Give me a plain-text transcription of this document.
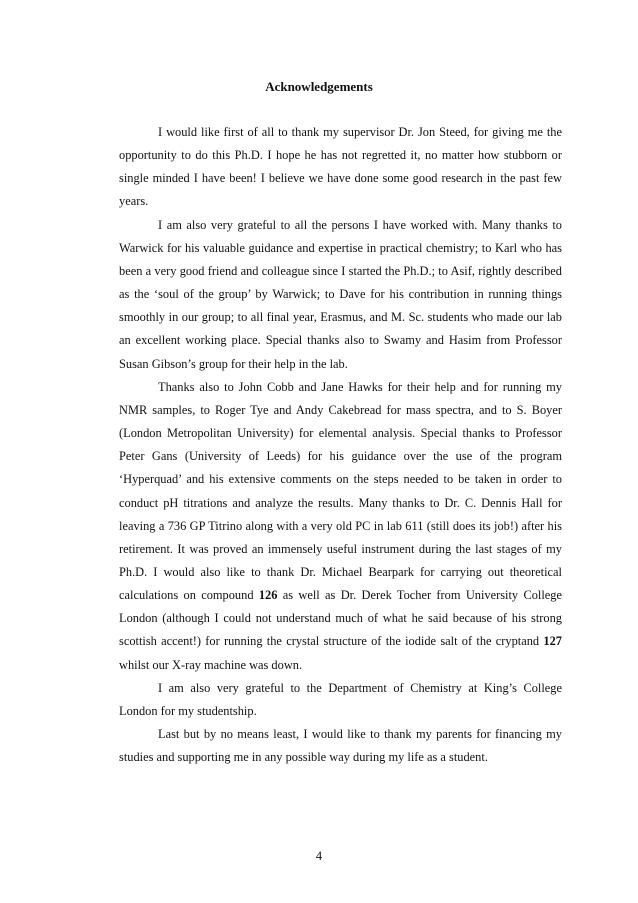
Acknowledgements

I would like first of all to thank my supervisor Dr. Jon Steed, for giving me the opportunity to do this Ph.D. I hope he has not regretted it, no matter how stubborn or single minded I have been! I believe we have done some good research in the past few years.

I am also very grateful to all the persons I have worked with. Many thanks to Warwick for his valuable guidance and expertise in practical chemistry; to Karl who has been a very good friend and colleague since I started the Ph.D.; to Asif, rightly described as the ‘soul of the group’ by Warwick; to Dave for his contribution in running things smoothly in our group; to all final year, Erasmus, and M. Sc. students who made our lab an excellent working place. Special thanks also to Swamy and Hasim from Professor Susan Gibson’s group for their help in the lab.

Thanks also to John Cobb and Jane Hawks for their help and for running my NMR samples, to Roger Tye and Andy Cakebread for mass spectra, and to S. Boyer (London Metropolitan University) for elemental analysis. Special thanks to Professor Peter Gans (University of Leeds) for his guidance over the use of the program ‘Hyperquad’ and his extensive comments on the steps needed to be taken in order to conduct pH titrations and analyze the results. Many thanks to Dr. C. Dennis Hall for leaving a 736 GP Titrino along with a very old PC in lab 611 (still does its job!) after his retirement. It was proved an immensely useful instrument during the last stages of my Ph.D. I would also like to thank Dr. Michael Bearpark for carrying out theoretical calculations on compound 126 as well as Dr. Derek Tocher from University College London (although I could not understand much of what he said because of his strong scottish accent!) for running the crystal structure of the iodide salt of the cryptand 127 whilst our X-ray machine was down.

I am also very grateful to the Department of Chemistry at King’s College London for my studentship.

Last but by no means least, I would like to thank my parents for financing my studies and supporting me in any possible way during my life as a student.

4
